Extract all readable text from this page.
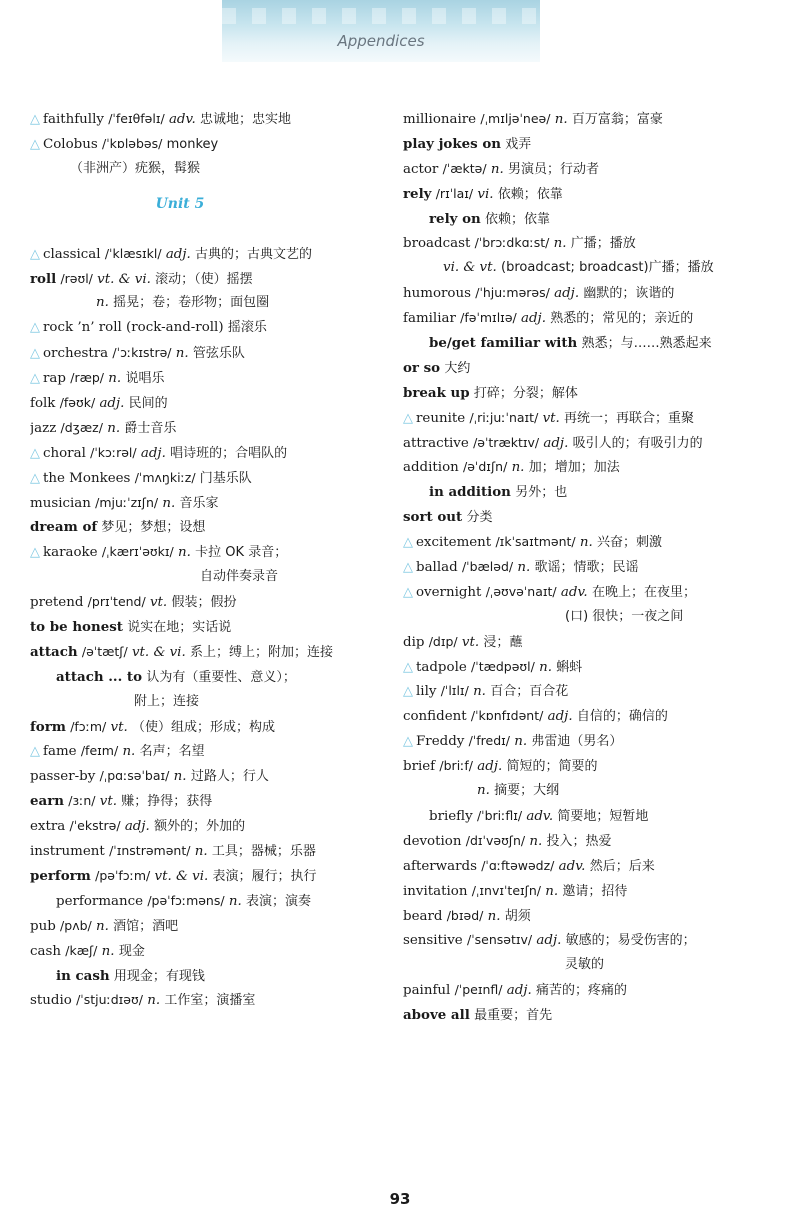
Appendices
△ faithfully /ˈfeɪθfəlɪ/ adv. 忠诚地；忠实地
△ Colobus /ˈkɒləbəs/ monkey
（非洲产）疣猴，髯猴
Unit 5
△ classical /ˈklæsɪkl/ adj. 古典的；古典文艺的
roll /rəʊl/ vt. & vi. 滚动；（使）摇摆
n. 摇晃；卷；卷形物；面包圈
△ rock ’n’ roll (rock-and-roll) 摇滚乐
△ orchestra /ˈɔːkɪstrə/ n. 管弦乐队
△ rap /ræp/ n. 说唱乐
folk /fəʊk/ adj. 民间的
jazz /dʒæz/ n. 爵士音乐
△ choral /ˈkɔːrəl/ adj. 唱诗班的；合唱队的
△ the Monkees /ˈmʌŋkiːz/ 门基乐队
musician /mjuːˈzɪʃn/ n. 音乐家
dream of 梦见；梦想；设想
△ karaoke /ˌkærɪˈəʊkɪ/ n. 卡拉 OK 录音；
自动伴奏录音
pretend /prɪˈtend/ vt. 假装；假扮
to be honest 说实在地；实话说
attach /əˈtætʃ/ vt. & vi. 系上；缚上；附加；连接
attach ... to 认为有（重要性、意义）；
附上；连接
form /fɔːm/ vt. （使）组成；形成；构成
△ fame /feɪm/ n. 名声；名望
passer-by /ˌpɑːsəˈbaɪ/ n. 过路人；行人
earn /ɜːn/ vt. 赚；挣得；获得
extra /ˈekstrə/ adj. 额外的；外加的
instrument /ˈɪnstrəmənt/ n. 工具；器械；乐器
perform /pəˈfɔːm/ vt. & vi. 表演；履行；执行
performance /pəˈfɔːməns/ n. 表演；演奏
pub /pʌb/ n. 酒馆；酒吧
cash /kæʃ/ n. 现金
in cash 用现金；有现钱
studio /ˈstjuːdɪəʊ/ n. 工作室；演播室
millionaire /ˌmɪljəˈneə/ n. 百万富翁；富豪
play jokes on 戏弄
actor /ˈæktə/ n. 男演员；行动者
rely /rɪˈlaɪ/ vi. 依赖；依靠
rely on 依赖；依靠
broadcast /ˈbrɔːdkɑːst/ n. 广播；播放
vi. & vt. (broadcast; broadcast)广播；播放
humorous /ˈhjuːmərəs/ adj. 幽默的；诙谐的
familiar /fəˈmɪlɪə/ adj. 熟悉的；常见的；亲近的
be/get familiar with 熟悉；与……熟悉起来
or so 大约
break up 打碎；分裂；解体
△ reunite /ˌriːjuːˈnaɪt/ vt. 再统一；再联合；重聚
attractive /əˈtræktɪv/ adj. 吸引人的；有吸引力的
addition /əˈdɪʃn/ n. 加；增加；加法
in addition 另外；也
sort out 分类
△ excitement /ɪkˈsaɪtmənt/ n. 兴奋；刺激
△ ballad /ˈbæləd/ n. 歌谣；情歌；民谣
△ overnight /ˌəʊvəˈnaɪt/ adv. 在晚上；在夜里；
(口) 很快；一夜之间
dip /dɪp/ vt. 浸；蘸
△ tadpole /ˈtædpəʊl/ n. 蝌蚪
△ lily /ˈlɪlɪ/ n. 百合；百合花
confident /ˈkɒnfɪdənt/ adj. 自信的；确信的
△ Freddy /ˈfredɪ/ n. 弗雷迪（男名）
brief /briːf/ adj. 简短的；简要的
n. 摘要；大纲
briefly /ˈbriːflɪ/ adv. 简要地；短暂地
devotion /dɪˈvəʊʃn/ n. 投入；热爱
afterwards /ˈɑːftəwədz/ adv. 然后；后来
invitation /ˌɪnvɪˈteɪʃn/ n. 邀请；招待
beard /bɪəd/ n. 胡须
sensitive /ˈsensətɪv/ adj. 敏感的；易受伤害的；
灵敏的
painful /ˈpeɪnfl/ adj. 痛苦的；疼痛的
above all 最重要；首先
93
